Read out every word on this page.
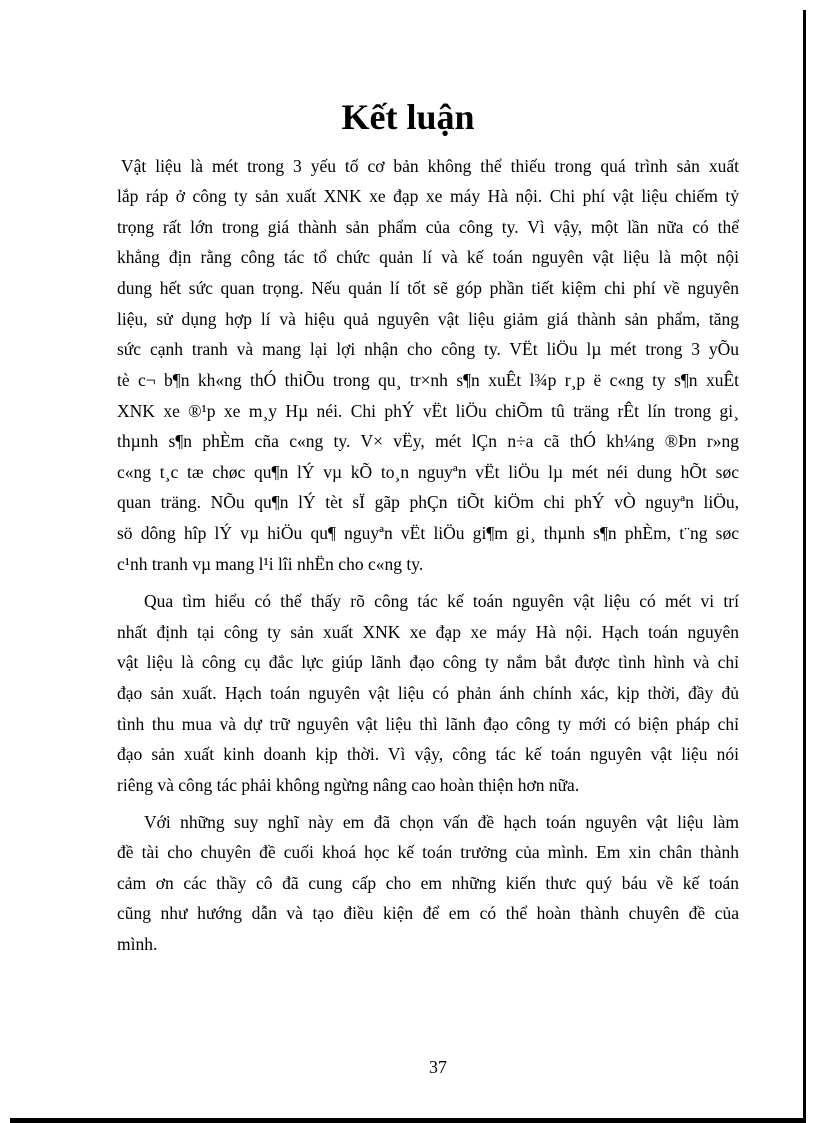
Kết luận
Vật liệu là mét trong 3 yếu tố cơ bản không thể thiếu trong quá trình sản xuất
lắp ráp ở công ty sản xuất XNK xe đạp xe máy Hà nội. Chi phí vật liệu chiếm tỷ
trọng rất lớn trong giá thành sản phẩm của công ty. Vì vậy, một lần nữa có thể
khẳng địn rằng công tác tổ chức quản lí và kế toán nguyên vật liệu là một nội
dung hết sức quan trọng. Nếu quản lí tốt sẽ góp phần tiết kiệm chi phí về nguyên
liệu, sử dụng hợp lí và hiệu quả nguyên vật liệu giảm giá thành sản phẩm, tăng
sức cạnh tranh và mang lại lợi nhận cho công ty. VËt liÖu lµ mét trong 3 yÕu
tè c¬ b¶n kh«ng thÓ thiÕu trong qu¸ tr×nh s¶n xuÊt l¾p r¸p ë c«ng ty s¶n xuÊt
XNK xe ®¹p xe m¸y Hµ néi. Chi phÝ vËt liÖu chiÕm tû träng rÊt lín trong gi¸
thµnh s¶n phÈm cña c«ng ty. V× vËy, mét lÇn n÷a cã thÓ kh¼ng ®Þn r»ng
c«ng t¸c tæ chøc qu¶n lÝ vµ kÕ to¸n nguyªn vËt liÖu lµ mét néi dung hÕt søc
quan träng. NÕu qu¶n lÝ tèt sÏ gãp phÇn tiÕt kiÖm chi phÝ vÒ nguyªn liÖu,
sö dông hîp lÝ vµ hiÖu qu¶ nguyªn vËt liÖu gi¶m gi¸ thµnh s¶n phÈm, t¨ng søc
c¹nh tranh vµ mang l¹i lîi nhËn cho c«ng ty.
Qua tìm hiểu có thể thấy rõ công tác kế toán nguyên vật liệu có mét vi trí
nhất định tại công ty sản xuất XNK xe đạp xe máy Hà nội. Hạch toán nguyên
vật liệu là công cụ đắc lực giúp lãnh đạo công ty nắm bắt được tình hình và chỉ
đạo sản xuất. Hạch toán nguyên vật liệu có phản ánh chính xác, kịp thời, đầy đủ
tình thu mua và dự trữ nguyên vật liệu thì lãnh đạo công ty mới có biện pháp chỉ
đạo sản xuất kinh doanh kịp thời. Vì vậy, công tác kế toán nguyên vật liệu nói
riêng và công tác phải không ngừng nâng cao hoàn thiện hơn nữa.
Với những suy nghĩ này em đã chọn vấn đề hạch toán nguyên vật liệu làm
đề tài cho chuyên đề cuối khoá học kế toán trưởng của mình. Em xin chân thành
cảm ơn các thầy cô đã cung cấp cho em những kiến thưc quý báu về kế toán
cũng như hướng dẫn và tạo điều kiện để em có thể hoàn thành chuyên đề của
mình.
37
